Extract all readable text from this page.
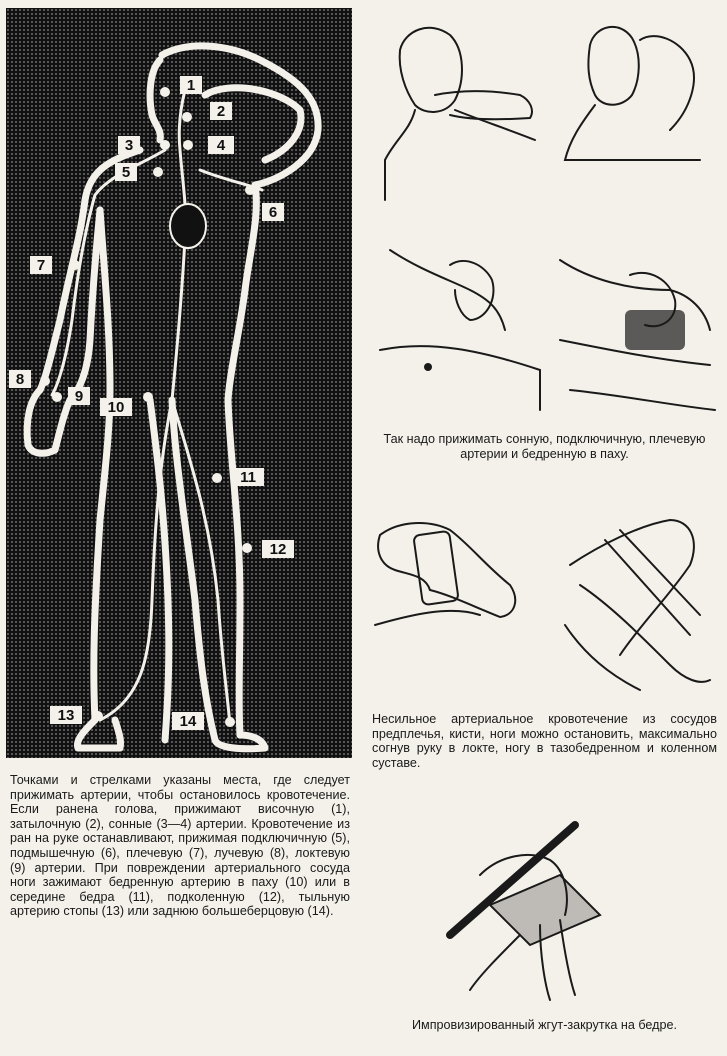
1
2
3	4
5
6
7
8
9
10
11
12
13	14

Так надо прижимать сонную, подключичную, плечевую артерии и бедренную в паху.

Несильное артериальное кровотечение из сосудов предплечья, кисти, ноги можно остановить, максимально согнув руку в локте, ногу в тазобедренном и коленном суставе.

Точками и стрелками указаны места, где следует прижимать артерии, чтобы остановилось кровотечение. Если ранена голова, прижимают височную (1), затылочную (2), сонные (3—4) артерии. Кровотечение из ран на руке останавливают, прижимая подключичную (5), подмышечную (6), плечевую (7), лучевую (8), локтевую (9) артерии. При повреждении артериального сосуда ноги зажимают бедренную артерию в паху (10) или в середине бедра (11), подколенную (12), тыльную артерию стопы (13) или заднюю большеберцовую (14).

Импровизированный жгут-закрутка на бедре.
